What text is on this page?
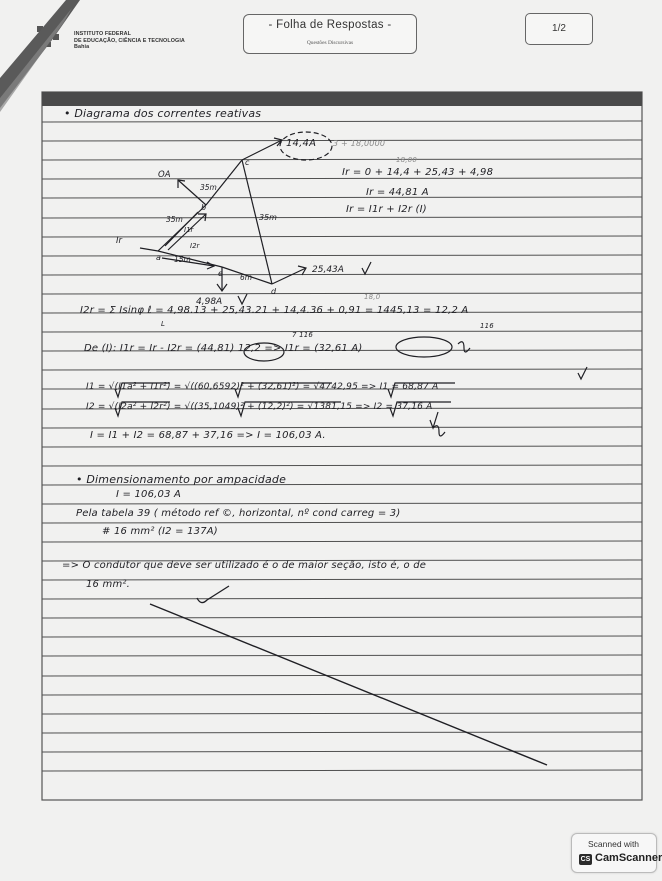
INSTITUTO FEDERAL
DE EDUCAÇÃO, CIÊNCIA E TECNOLOGIA
Bahia
- Folha de Respostas -
Questões Discursivas
1/2
OA
Ir
I1r
I2r
35m
35m	35m
15m
6m
a
b
c
d
e
4,98A
25,43A
• Diagrama dos correntes reativas
14,4A 3 + 18,0000
18,00
Ir = 0 + 14,4 + 25,43 + 4,98
Ir = 44,81 A
Ir = I1r + I2r (I)
18,0
I2r = Σ Isinφ ℓ = 4,98.13 + 25,43.21 + 14,4.36 + 0,91 = 1445,13 = 12,2 A
L
7 116
116
De (I): I1r = Ir - I2r = (44,81) 12,2 => I1r = (32,61 A)
I1 = √(I1a² + I1r²) = √((60,6592)² + (32,61)²) = √4742,95 => I1 = 68,87 A
I2 = √(I2a² + I2r²) = √((35,1049)² + (12,2)²) = √1381,15 => I2 = 37,16 A
I = I1 + I2 = 68,87 + 37,16 => I = 106,03 A.
• Dimensionamento por ampacidade
I = 106,03 A
Pela tabela 39 ( método ref ©, horizontal, nº cond carreg = 3)
# 16 mm² (I2 = 137A)
=> O condutor que deve ser utilizado é o de maior seção, isto é, o de
16 mm².
Scanned with
CS CamScanner
